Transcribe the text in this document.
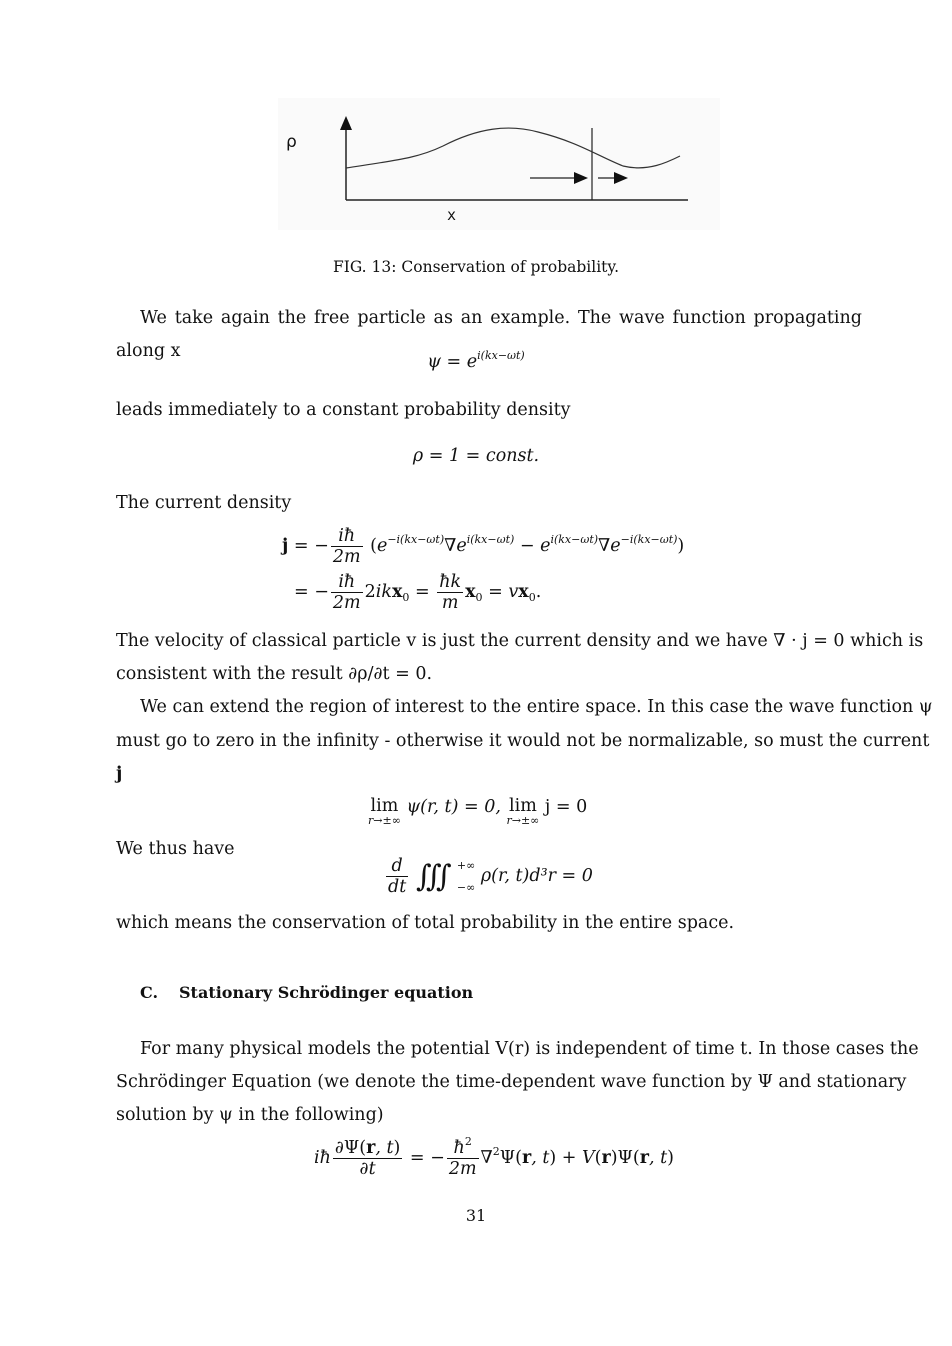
ρ
x
FIG. 13: Conservation of probability.
We take again the free particle as an example. The wave function propagating along x
$\psi = e^{i(kx-\omega t)}$
leads immediately to a constant probability density
ρ = 1 = const.
The current density
j = − $\frac{iħ}{2m} (e^{-i(kx-\omega t)}\nabla e^{i(kx-\omega t)} - e^{i(kx-\omega t)}\nabla e^{-i(kx-\omega t)})$
= − $\frac{iħ}{2m} 2ikx_0 = \frac{ħk}{m} x_0 = vx_0$.
The velocity of classical particle v is just the current density and we have ∇ · j = 0 which is
consistent with the result ∂ρ/∂t = 0.
We can extend the region of interest to the entire space. In this case the wave function ψ
must go to zero in the infinity - otherwise it would not be normalizable, so must the current
j
lim
r→±∞
ψ(r, t) = 0, lim
r→±∞
j = 0
We thus have
$\frac{d}{dt}$ ∭ +∞
−∞
ρ(r, t)d³r = 0
which means the conservation of total probability in the entire space.
C. Stationary Schrödinger equation
For many physical models the potential V(r) is independent of time t. In those cases the
Schrödinger Equation (we denote the time-dependent wave function by Ψ and stationary
solution by ψ in the following)
iħ $\frac{\partial\Psi(r, t)}{\partial t}$ = − $\frac{ħ^2}{2m} \nabla^2\Psi(r$, t) + V(r)Ψ(r, t)
31
